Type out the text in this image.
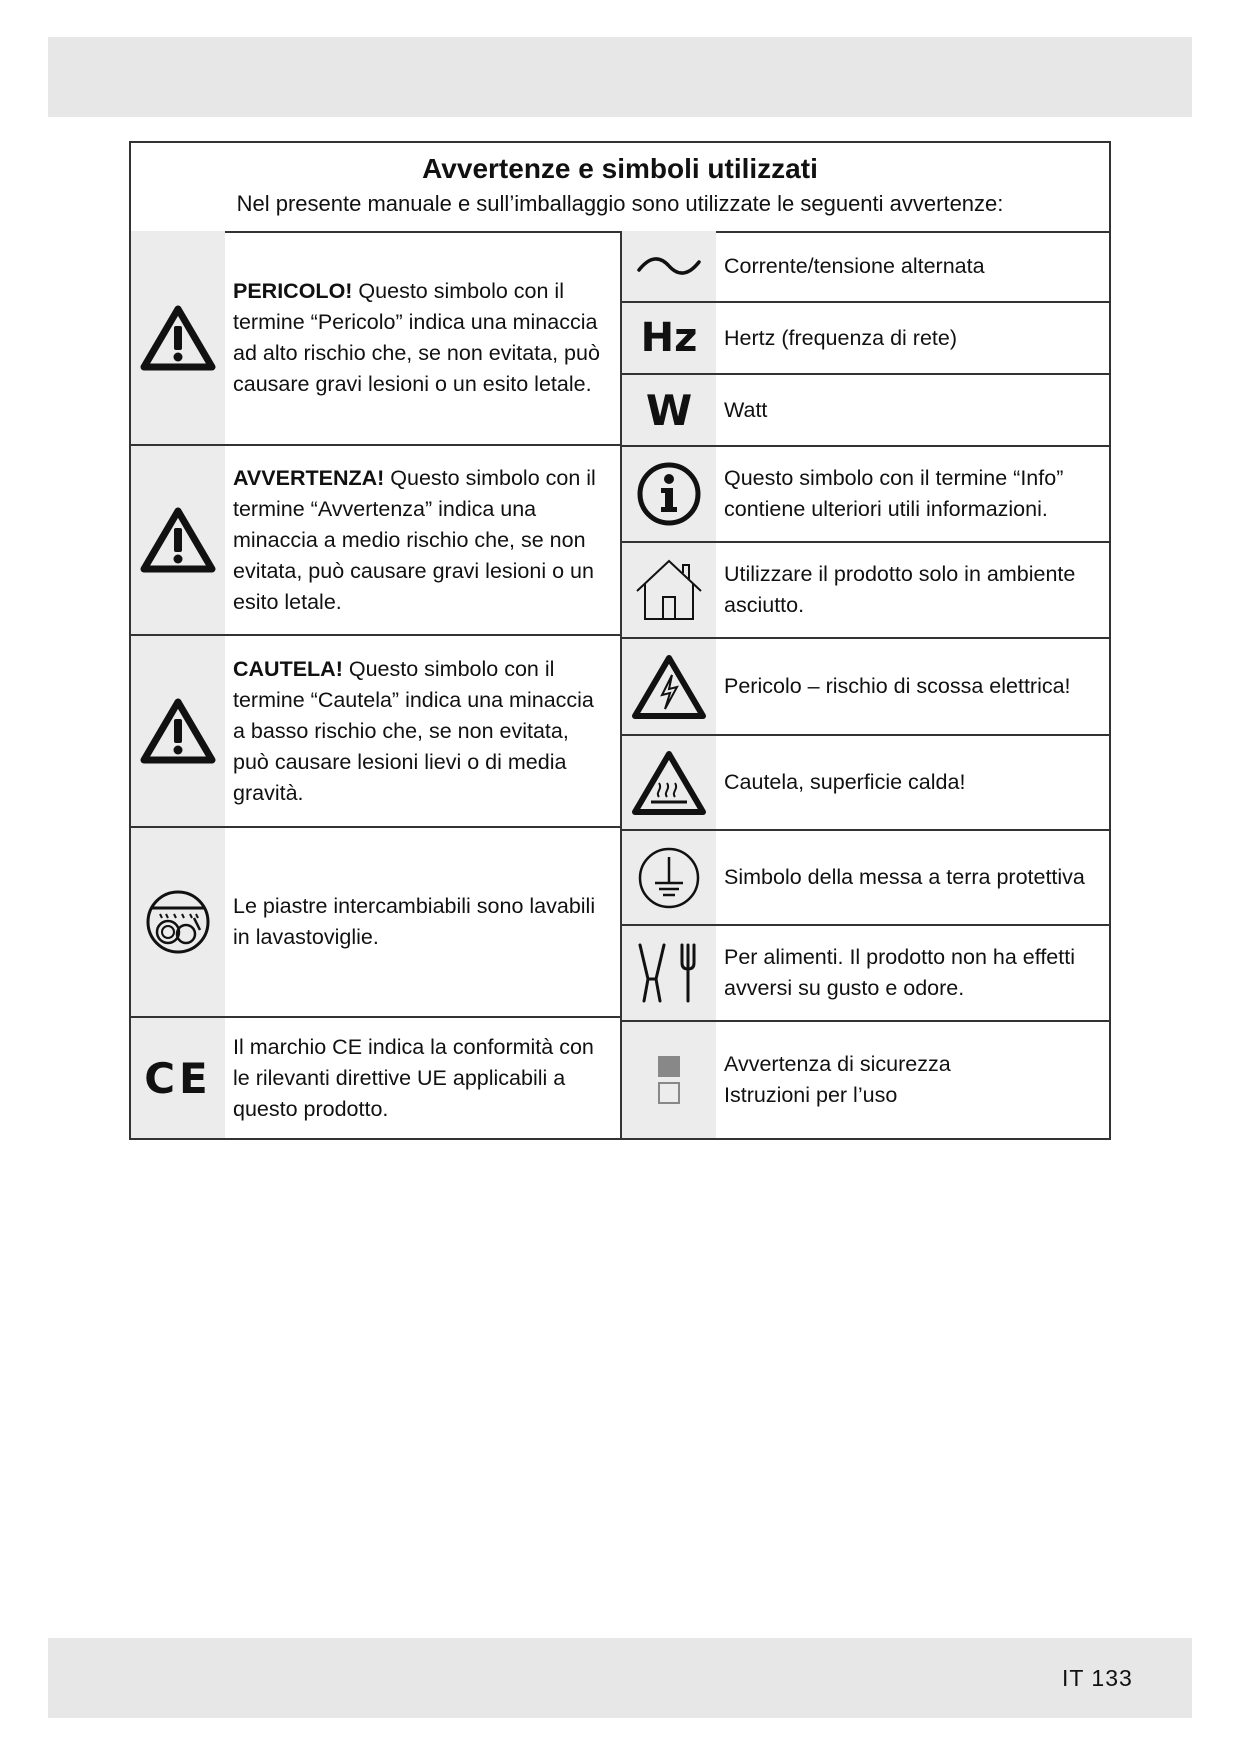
Avvertenze e simboli utilizzati
Nel presente manuale e sull’imballaggio sono utilizzate le seguenti avvertenze:
PERICOLO! Questo simbolo con il termine “Pericolo” indica una minaccia ad alto rischio che, se non evitata, può causare gravi lesioni o un esito letale.
AVVERTENZA! Questo simbolo con il termine “Avvertenza” indica una minaccia a medio rischio che, se non evitata, può causare gravi lesioni o un esito letale.
CAUTELA! Questo simbolo con il termine “Cautela” indica una minaccia a basso rischio che, se non evitata, può causare lesioni lievi o di media gravità.
Le piastre intercambiabili sono lavabili in lavastoviglie.
CE
Il marchio CE indica la conformità con le rilevanti direttive UE applicabili a questo prodotto.
Corrente/tensione alternata
Hz Hertz (frequenza di rete)
W Watt
Questo simbolo con il termine “Info” contiene ulteriori utili informazioni.
Utilizzare il prodotto solo in ambiente asciutto.
Pericolo – rischio di scossa elettrica!
Cautela, superficie calda!
Simbolo della messa a terra protettiva
Per alimenti. Il prodotto non ha effetti avversi su gusto e odore.
Avvertenza di sicurezza
Istruzioni per l’uso
IT 133
